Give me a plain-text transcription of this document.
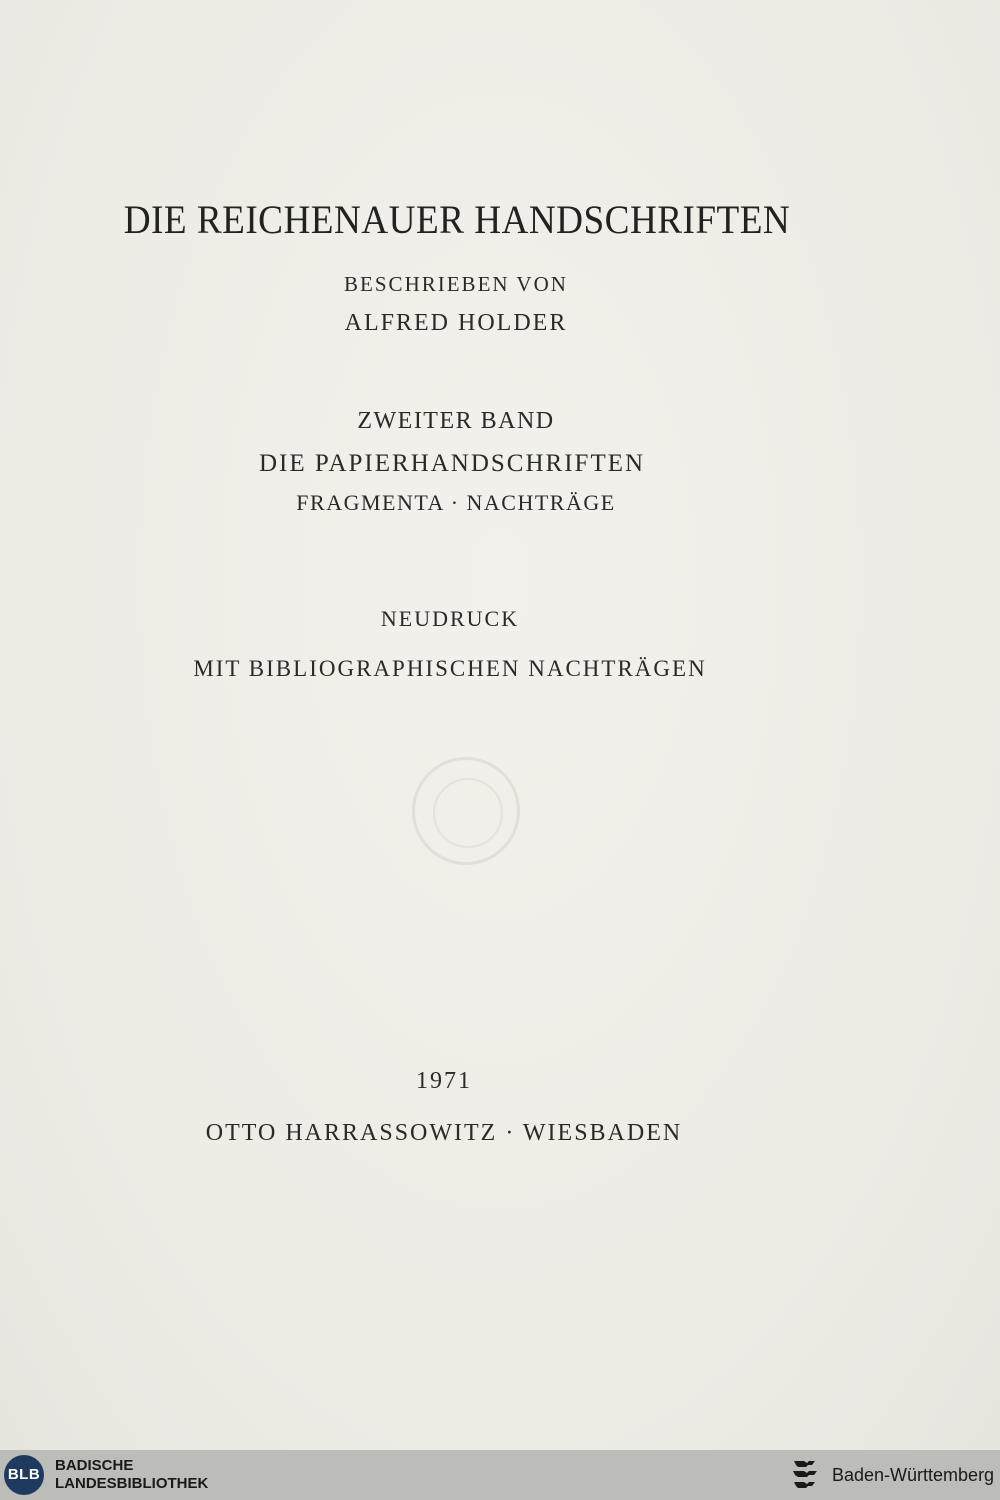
DIE REICHENAUER HANDSCHRIFTEN
BESCHRIEBEN VON
ALFRED HOLDER
ZWEITER BAND
DIE PAPIERHANDSCHRIFTEN
FRAGMENTA · NACHTRÄGE
NEUDRUCK
MIT BIBLIOGRAPHISCHEN NACHTRÄGEN
1971
OTTO HARRASSOWITZ · WIESBADEN
BLB
BADISCHE
LANDESBIBLIOTHEK	Baden-Württemberg
